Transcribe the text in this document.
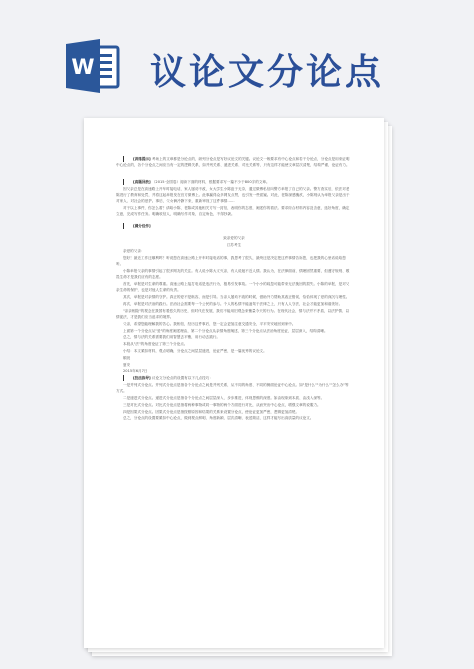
W 议论文分论点

[训练提示] 考场上的文章都是分论点的，纵列分论点是写好议论文的关键。议论文一般要求有中心论点和若干分论点，分论点是用来证明中心论点的，各个分论点之间应当有一定的逻辑关系，如并列关系、递进关系、对比关系等，只有这样才能使文章层次清楚，结构严谨，论证有力。

[真题回放] （2015·全国卷）阅读下面的材料，根据要求写一篇不少于800字的文章。

因父亲总是在高速路上开车时接电话，家人屡劝不改，女大学生小陈迫于无奈，通过微博私信向警方举报了自己的父亲。警方查实后，依法对老陈进行了教育和处罚，并将这起举报发在官方微博上。此事赢得众多网友点赞，也引发一些质疑。对此，老陈深感愧疚，小陈则认为举报父亲是出于对家人、对社会的爱护。事后，父女俩冷静下来，重新审视了这件事情……

对于以上事件，你怎么看？请给小陈、老陈或其他相关方写一封信，表明你的态度，阐述你的看法。要求综合材料内容及含意，选好角度，确定立意，完成写作任务。明确收信人，明确写作对象，自定角色，不得抄袭。

[满分佳作]

致亲爱的父亲

江苏考生

亲爱的父亲：

您好！最近工作还顺利吗？听说您在高速公路上开车时接电话的事，我思考了很久，最终还是决定把这件事情告诉您，也把我的心里话说给您听。

小陈举报父亲的事情引起了很多网友的关注。有人说小陈大义灭亲，有人说她不近人情。我认为，在法律面前，情理固然重要，但遵守规则、敬畏生命才是我们应有的态度。

首先，举报是对生命的尊重。高速公路上接打电话是违法行为，极易引发事故。一个小小的疏忽可能带来无法挽回的损失。小陈的举报，是对父亲生命的保护，也是对他人生命的负责。

其次，举报是对亲情的守护。真正的爱不是纵容，而是引导。当亲人屡劝不改的时候，借助外力帮助其改正错误，恰恰体现了爱的深沉与理性。

再次，举报是对法治的践行。法治社会需要每一个公民的参与。个人的私情不能凌驾于法律之上，只有人人守法，社会才能更加和谐美好。

"亲亲相隐"的观念在我国有着悠久的历史，但时代在发展，我们不能用旧观念来衡量今天的行为。在现代社会，情与法并不矛盾，以法护情、以情促法，才是我们应当追求的境界。

父亲，希望您能理解我的苦心。我相信，经历这件事后，您一定会更加注意交通安全，平平安安地回到家中。

上面第一个分论点从"爱"的角度阐述理由，第二个分论点从亲情角度阐述，第三个分论点从法治角度论证，层层深入，结构清晰。

总之，情与法的关系需要我们用智慧去平衡，用行动去践行。

本段从"法"的角度论证了第三个分论点。

小结：本文紧扣材料，观点明确，分论点之间层层递进，论证严密，是一篇优秀的议论文。

顺祝

夏安

2015年6月7日

[技法指导] 议论文分论点的设置有以下几点技巧：

一是并列式分论点。并列式分论点是指各个分论点之间是并列关系，从不同的角度、不同的侧面论证中心论点。如"是什么""为什么""怎么办"等方式。

二是递进式分论点。递进式分论点是指各个分论点之间层层深入、步步推进，体现思维的深度。如由现象到本质、由浅入深等。

三是对比式分论点。对比式分论点是指将两种事物或同一事物的两个方面进行对比，从而突出中心论点，增强文章的说服力。

四是因果式分论点。因果式分论点是指按照原因和结果的关系来设置分论点，使论证更加严密，逻辑更加清楚。

总之，分论点的设置要紧扣中心论点，做到观点鲜明、角度新颖、层次清晰、表述简洁，这样才能写出高质量的议论文。
